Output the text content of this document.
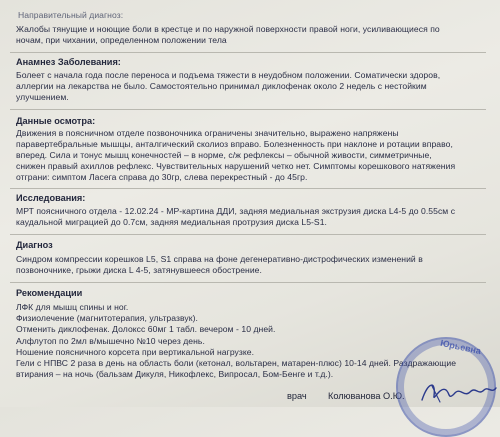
Направительный диагноз:
Жалобы тянущие и ноющие боли в крестце и по наружной поверхности правой ноги, усиливающиеся по
ночам, при чихании, определенном положении тела
Анамнез Заболевания:
Болеет с начала года после переноса и подъема тяжести в неудобном положении. Соматически здоров,
аллергии на лекарства не было. Самостоятельно принимал диклофенак около 2 недель с нестойким
улучшением.
Данные осмотра:
Движения в поясничном отделе позвоночника ограничены значительно, выражено напряжены
паравертебральные мышцы, анталгический сколиоз вправо. Болезненность при наклоне и ротации вправо,
вперед. Сила и тонус мышц конечностей – в норме, с/ж рефлексы – обычной живости, симметричные,
снижен правый ахиллов рефлекс. Чувствительных нарушений четко нет. Симптомы корешкового натяжения
отграни: симптом Ласега справа до 30гр, слева перекрестный - до 45гр.
Исследования:
МРТ поясничного отдела - 12.02.24 - МР-картина ДДИ, задняя медиальная экструзия диска L4-5 до 0.55см с
каудальной миграцией до 0.7см, задняя медиальная протрузия диска L5-S1.
Диагноз
Синдром компрессии корешков L5, S1 справа на фоне дегенеративно-дистрофических изменений в
позвоночнике, грыжи диска L 4-5, затянувшееся обострение.
Рекомендации
ЛФК для мышц спины и ног.
Физиолечение (магнитотерапия, ультразвук).
Отменить диклофенак. Долоксс 60мг 1 табл. вечером - 10 дней.
Алфлутоп по 2мл в/мышечно №10 через день.
Ношение поясничного корсета при вертикальной нагрузке.
Гели с НПВС 2 раза в день на область боли (кетонал, вольтарен, матарен-плюс) 10-14 дней. Раздражающие
втирания – на ночь (бальзам Дикуля, Никофлекс, Випросал, Бом-Бенге и т.д.).
врач Колюванова О.Ю.
Юрьевна
